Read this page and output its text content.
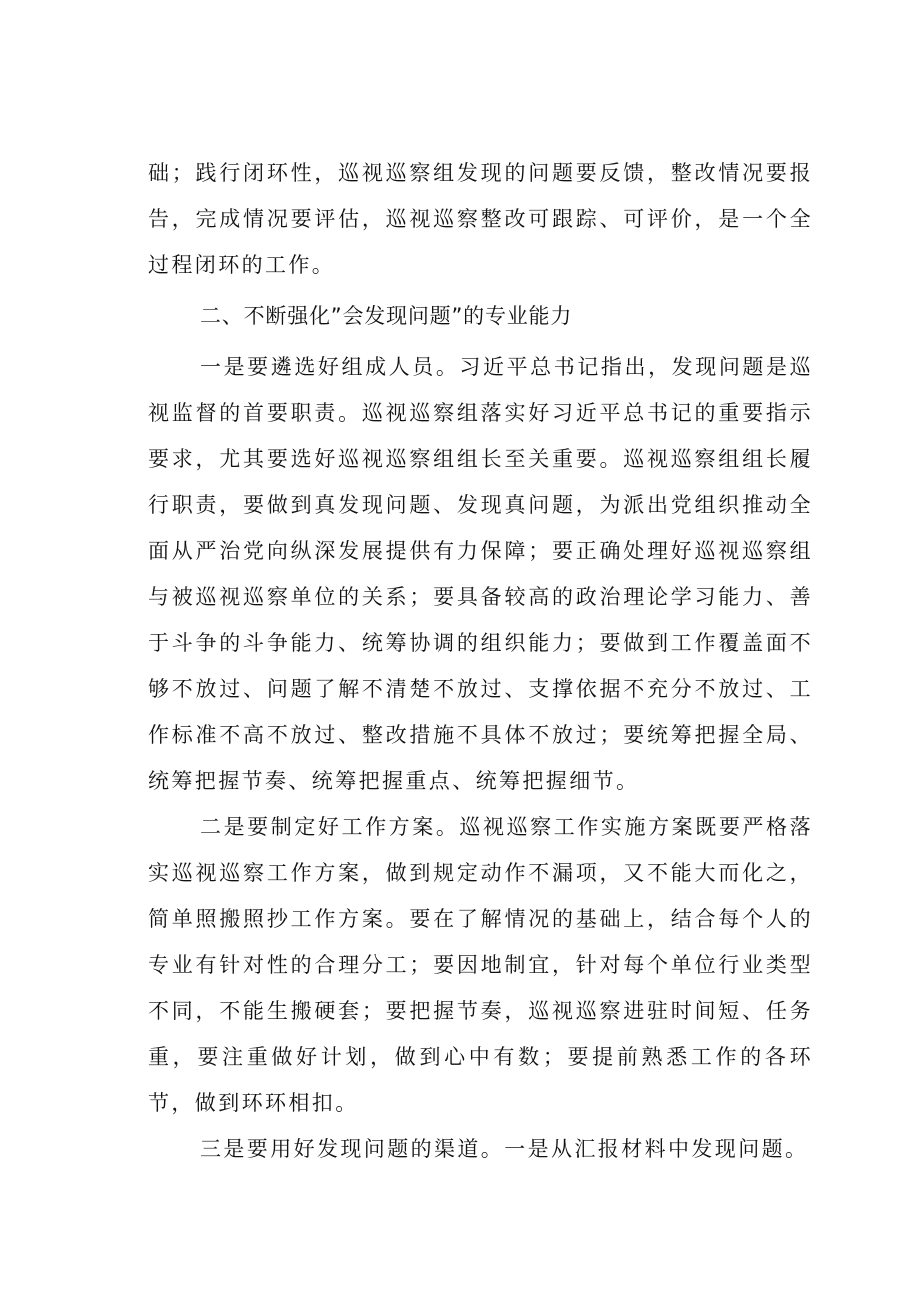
础；践行闭环性，巡视巡察组发现的问题要反馈，整改情况要报告，完成情况要评估，巡视巡察整改可跟踪、可评价，是一个全过程闭环的工作。

二、不断强化”会发现问题”的专业能力

一是要遴选好组成人员。习近平总书记指出，发现问题是巡视监督的首要职责。巡视巡察组落实好习近平总书记的重要指示要求，尤其要选好巡视巡察组组长至关重要。巡视巡察组组长履行职责，要做到真发现问题、发现真问题，为派出党组织推动全面从严治党向纵深发展提供有力保障；要正确处理好巡视巡察组与被巡视巡察单位的关系；要具备较高的政治理论学习能力、善于斗争的斗争能力、统筹协调的组织能力；要做到工作覆盖面不够不放过、问题了解不清楚不放过、支撑依据不充分不放过、工作标准不高不放过、整改措施不具体不放过；要统筹把握全局、统筹把握节奏、统筹把握重点、统筹把握细节。

二是要制定好工作方案。巡视巡察工作实施方案既要严格落实巡视巡察工作方案，做到规定动作不漏项，又不能大而化之，简单照搬照抄工作方案。要在了解情况的基础上，结合每个人的专业有针对性的合理分工；要因地制宜，针对每个单位行业类型不同，不能生搬硬套；要把握节奏，巡视巡察进驻时间短、任务重，要注重做好计划，做到心中有数；要提前熟悉工作的各环节，做到环环相扣。

三是要用好发现问题的渠道。一是从汇报材料中发现问题。
